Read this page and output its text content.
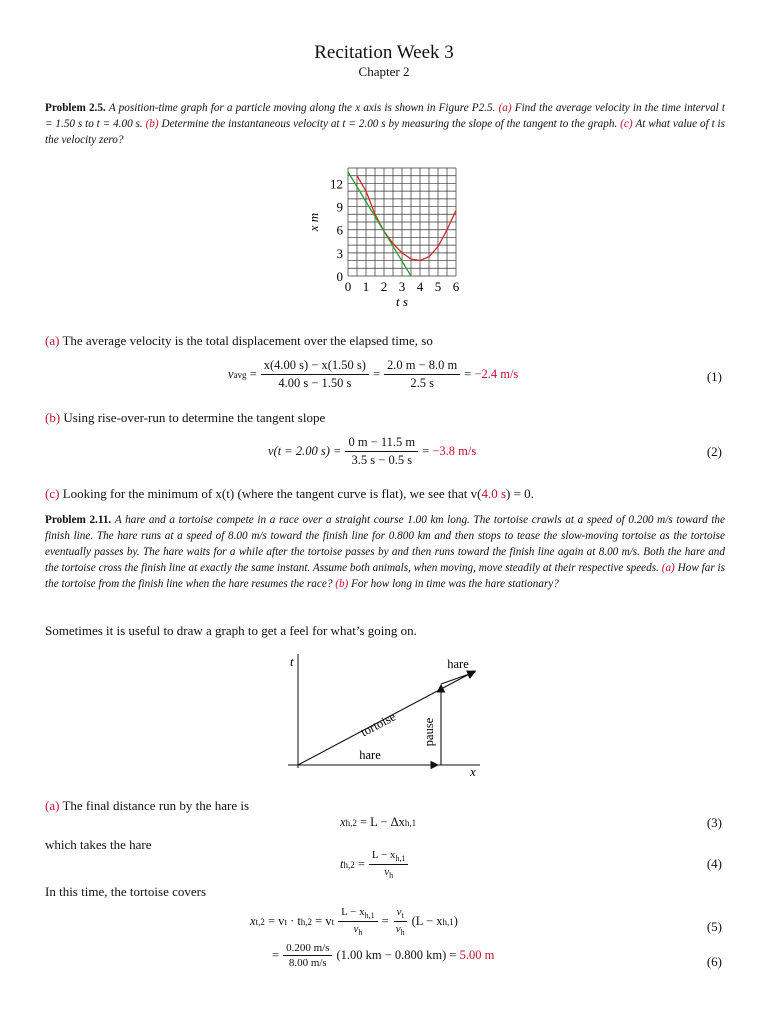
Recitation Week 3
Chapter 2
Problem 2.5. A position-time graph for a particle moving along the x axis is shown in Figure P2.5. (a) Find the average velocity in the time interval t = 1.50 s to t = 4.00 s. (b) Determine the instantaneous velocity at t = 2.00 s by measuring the slope of the tangent to the graph. (c) At what value of t is the velocity zero?
0 1 2 3 4 5 6
0
3
6
9
12
t s
x m
(a) The average velocity is the total displacement over the elapsed time, so
v avg = $\frac{x(4.00 s) - x(1.50 s)}{4.00 s - 1.50 s} = \frac{2.0 m - 8.0 m}{2.5 s} = -2.4$ m/s	(1)
(b) Using rise-over-run to determine the tangent slope
v(t = 2.00 $s) = \frac{0 m - 11.5 m}{3.5 s - 0.5 s} = -3.8$ m/s	(2)
(c) Looking for the minimum of x(t) (where the tangent curve is flat), we see that v(4.0 s) = 0.
Problem 2.11. A hare and a tortoise compete in a race over a straight course 1.00 km long. The tortoise crawls at a speed of 0.200 m/s toward the finish line. The hare runs at a speed of 8.00 m/s toward the finish line for 0.800 km and then stops to tease the slow-moving tortoise as the tortoise eventually passes by. The hare waits for a while after the tortoise passes by and then runs toward the finish line again at 8.00 m/s. Both the hare and the tortoise cross the finish line at exactly the same instant. Assume both animals, when moving, move steadily at their respective speeds. (a) How far is the tortoise from the finish line when the hare resumes the race? (b) For how long in time was the hare stationary?
Sometimes it is useful to draw a graph to get a feel for what’s going on.
t
x
tortoise
hare
pause
hare
(a) The final distance run by the hare is
x h,2
= L − Δx h,1	(3)
which takes the hare
t $h,2 = \frac{L - x_{h,1}}{v_h}$	(4)
In this time, the tortoise covers
x t,2
= v t
· t h,2
= v t $\frac{L - x_{h,1}}{v_h} = \frac{v_t}{v_h} (L - x$ h,1 )	(5)
= $\frac{0.200 m/s}{8.00 m/s} (1.00$ km − 0.800 km) =
5.00 m	(6)
